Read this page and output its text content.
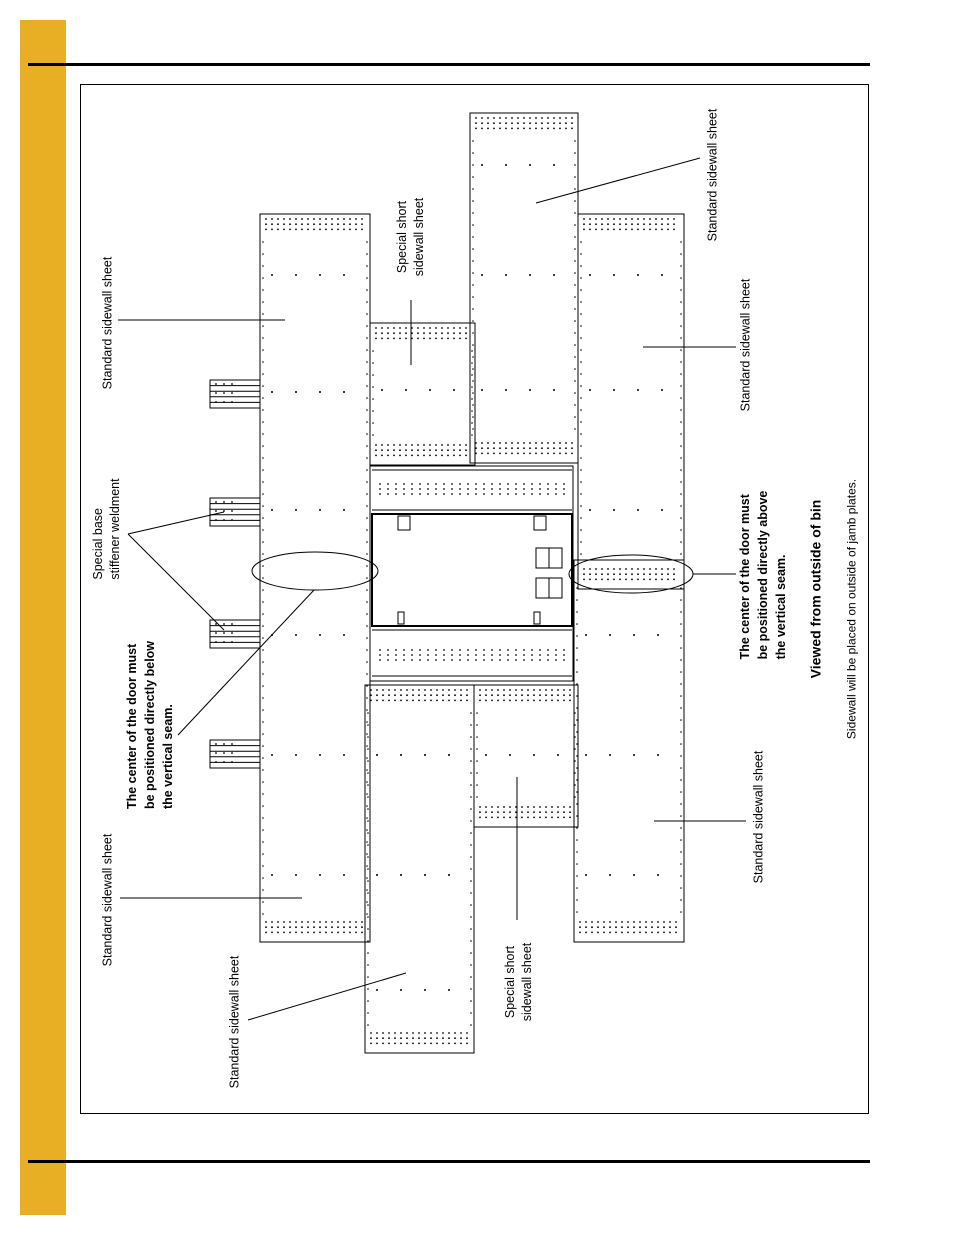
Standard sidewall sheet
Standard sidewall sheet
Standard sidewall sheet
Standard sidewall sheet
Standard sidewall sheet
Standard sidewall sheet
Special short sidewall sheet
Special short sidewall sheet
Special base stiffener weldment
The center of the door must be positioned directly below the vertical seam.
The center of the door must be positioned directly above the vertical seam. Viewed from outside of bin Sidewall will be placed on outside of jamb plates.
